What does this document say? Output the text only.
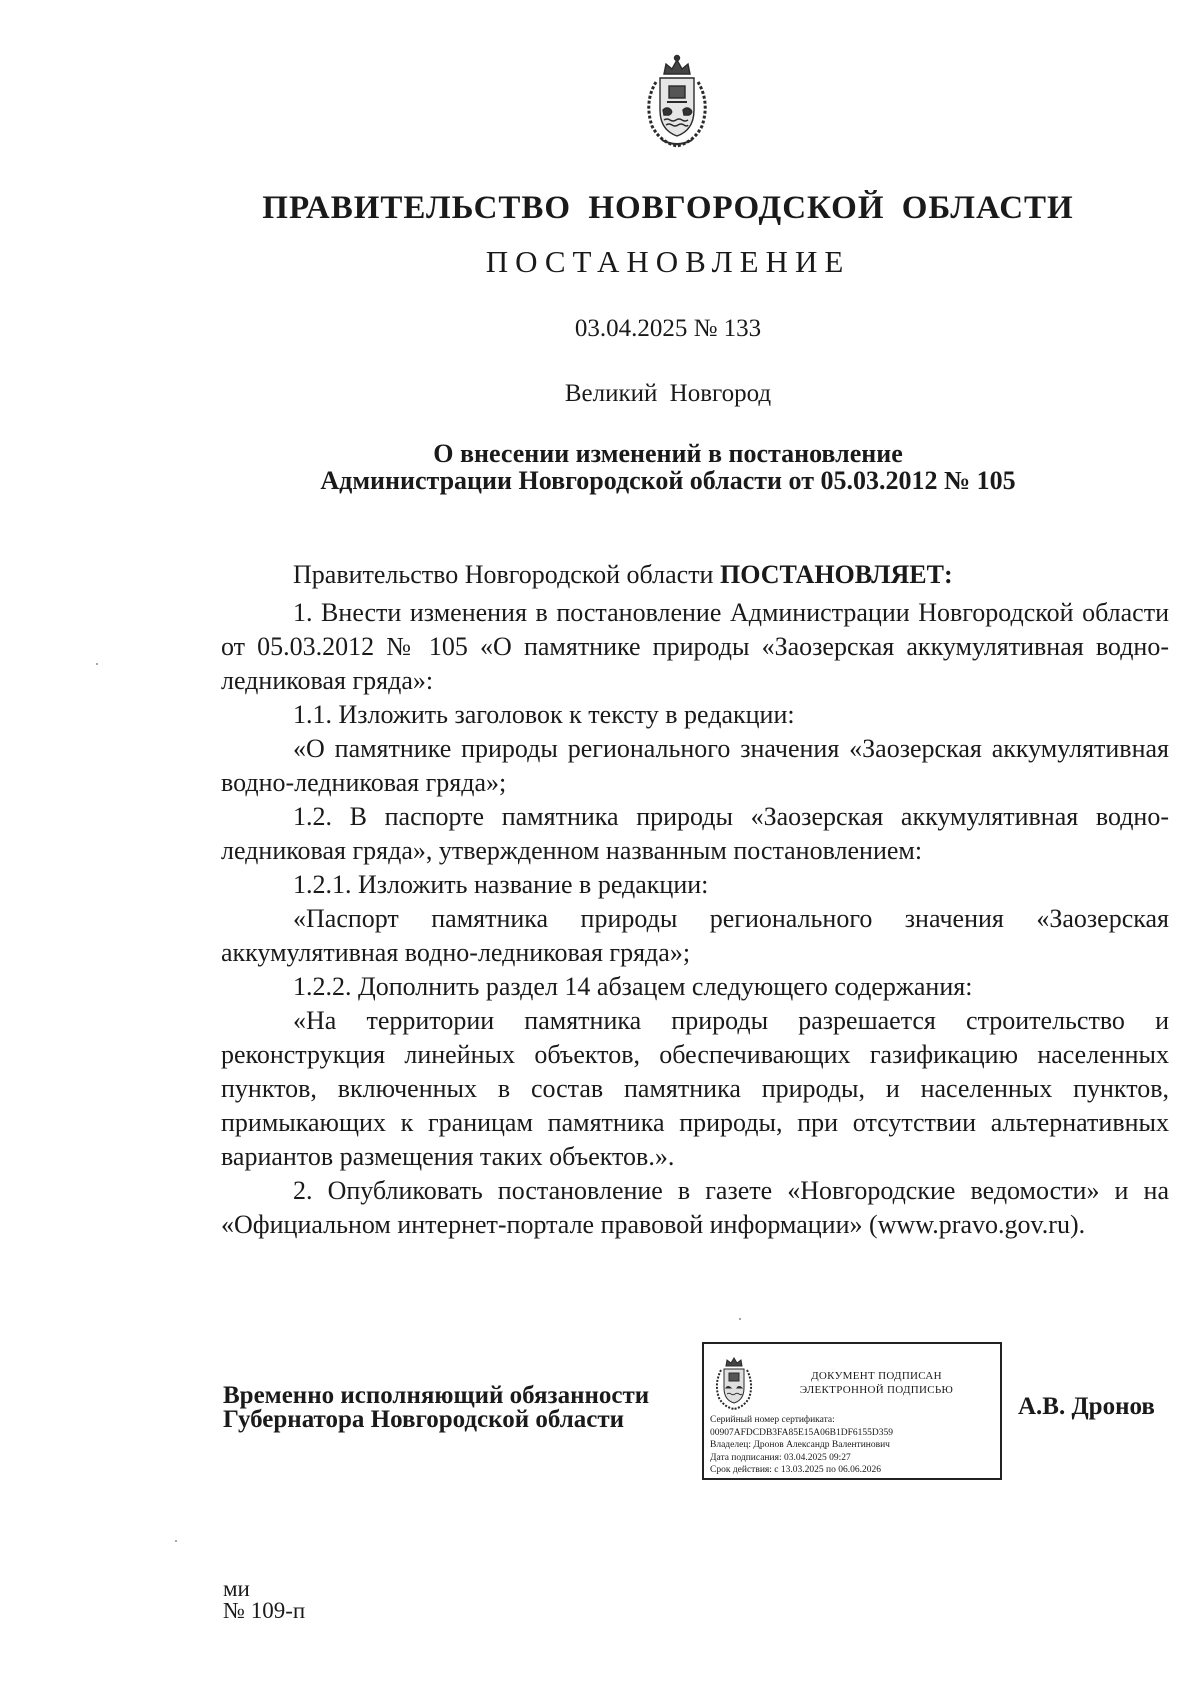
ПРАВИТЕЛЬСТВО НОВГОРОДСКОЙ ОБЛАСТИ
ПОСТАНОВЛЕНИЕ
03.04.2025 № 133
Великий Новгород
О внесении изменений в постановление
Администрации Новгородской области от 05.03.2012 № 105

Правительство Новгородской области ПОСТАНОВЛЯЕТ:

1. Внести изменения в постановление Администрации Новгородской области от 05.03.2012 № 105 «О памятнике природы «Заозерская аккумулятивная водно-ледниковая гряда»:

1.1. Изложить заголовок к тексту в редакции:

«О памятнике природы регионального значения «Заозерская аккумулятивная водно-ледниковая гряда»;

1.2. В паспорте памятника природы «Заозерская аккумулятивная водно-ледниковая гряда», утвержденном названным постановлением:

1.2.1. Изложить название в редакции:

«Паспорт памятника природы регионального значения «Заозерская аккумулятивная водно-ледниковая гряда»;

1.2.2. Дополнить раздел 14 абзацем следующего содержания:

«На территории памятника природы разрешается строительство и реконструкция линейных объектов, обеспечивающих газификацию населенных пунктов, включенных в состав памятника природы, и населенных пунктов, примыкающих к границам памятника природы, при отсутствии альтернативных вариантов размещения таких объектов.».

2. Опубликовать постановление в газете «Новгородские ведомости» и на «Официальном интернет-портале правовой информации» (www.pravo.gov.ru).

Временно исполняющий обязанности
Губернатора Новгородской области
ДОКУМЕНТ ПОДПИСАН
ЭЛЕКТРОННОЙ ПОДПИСЬЮ
Серийный номер сертификата:
00907AFDCDB3FA85E15A06B1DF6155D359
Владелец: Дронов Александр Валентинович
Дата подписания: 03.04.2025 09:27
Срок действия: с 13.03.2025 по 06.06.2026
А.В. Дронов
ми
№ 109-п
